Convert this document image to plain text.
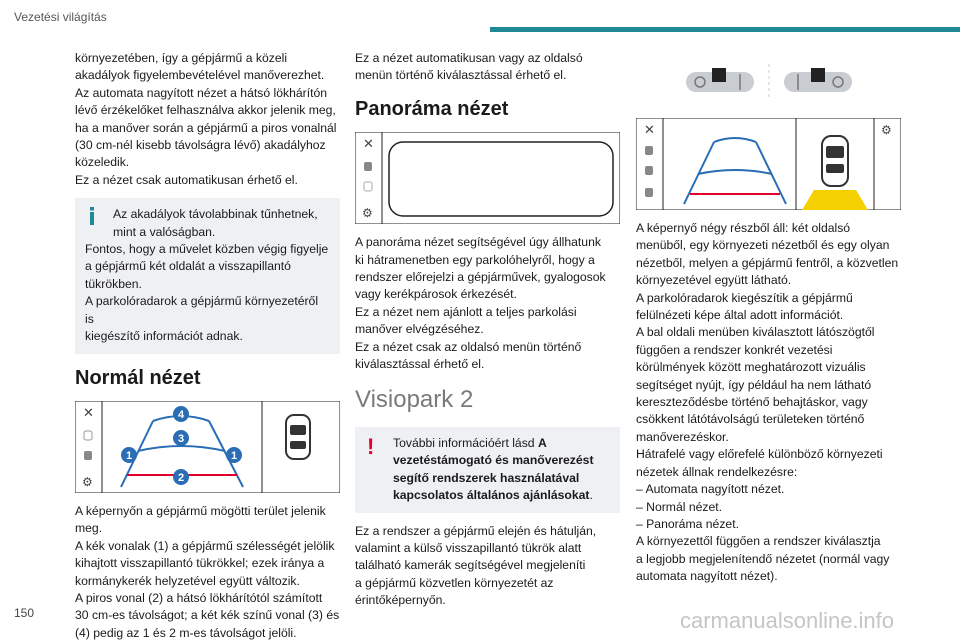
Vezetési világítás

környezetében, így a gépjármű a közeli
akadályok figyelembevételével manőverezhet.
Az automata nagyított nézet a hátsó lökhárítón
lévő érzékelőket felhasználva akkor jelenik meg,
ha a manőver során a gépjármű a piros vonalnál
(30 cm-nél kisebb távolságra lévő) akadályhoz
közeledik.
Ez a nézet csak automatikusan érhető el.

Az akadályok távolabbinak tűnhetnek,
mint a valóságban.
Fontos, hogy a művelet közben végig figyelje
a gépjármű két oldalát a visszapillantó
tükrökben.
A parkolóradarok a gépjármű környezetéről is
kiegészítő információt adnak.
Normál nézet
✕
⚙
4
3
1	1
2

A képernyőn a gépjármű mögötti terület jelenik
meg.
A kék vonalak (1) a gépjármű szélességét jelölik
kihajtott visszapillantó tükrökkel; ezek iránya a
kormánykerék helyzetével együtt változik.
A piros vonal (2) a hátsó lökhárítótól számított
30 cm-es távolságot; a két kék színű vonal (3) és
(4) pedig az 1 és 2 m-es távolságot jelöli.

Ez a nézet automatikusan vagy az oldalsó
menün történő kiválasztással érhető el.

Panoráma nézet
✕
⚙

A panoráma nézet segítségével úgy állhatunk
ki hátramenetben egy parkolóhelyről, hogy a
rendszer előrejelzi a gépjárművek, gyalogosok
vagy kerékpárosok érkezését.
Ez a nézet nem ajánlott a teljes parkolási
manőver elvégzéséhez.
Ez a nézet csak az oldalsó menün történő
kiválasztással érhető el.

Visiopark 2
!	További információért lásd A vezetéstámogató és manőverezést segítő rendszerek használatával kapcsolatos általános ajánlásokat.

Ez a rendszer a gépjármű elején és hátulján,
valamint a külső visszapillantó tükrök alatt
található kamerák segítségével megjeleníti
a gépjármű közvetlen környezetét az
érintőképernyőn.

✕	⚙

A képernyő négy részből áll: két oldalsó
menüből, egy környezeti nézetből és egy olyan
nézetből, melyen a gépjármű fentről, a közvetlen
környezetével együtt látható.
A parkolóradarok kiegészítik a gépjármű
felülnézeti képe által adott információt.
A bal oldali menüben kiválasztott látószögtől
függően a rendszer konkrét vezetési
körülmények között meghatározott vizuális
segítséget nyújt, így például ha nem látható
kereszteződésbe történő behajtáskor, vagy
csökkent látótávolságú területeken történő
manőverezéskor.
Hátrafelé vagy előrefelé különböző környezeti
nézetek állnak rendelkezésre:
– Automata nagyított nézet.
– Normál nézet.
– Panoráma nézet.
A környezettől függően a rendszer kiválasztja
a legjobb megjelenítendő nézetet (normál vagy
automata nagyított nézet).

150	carmanualsonline.info
